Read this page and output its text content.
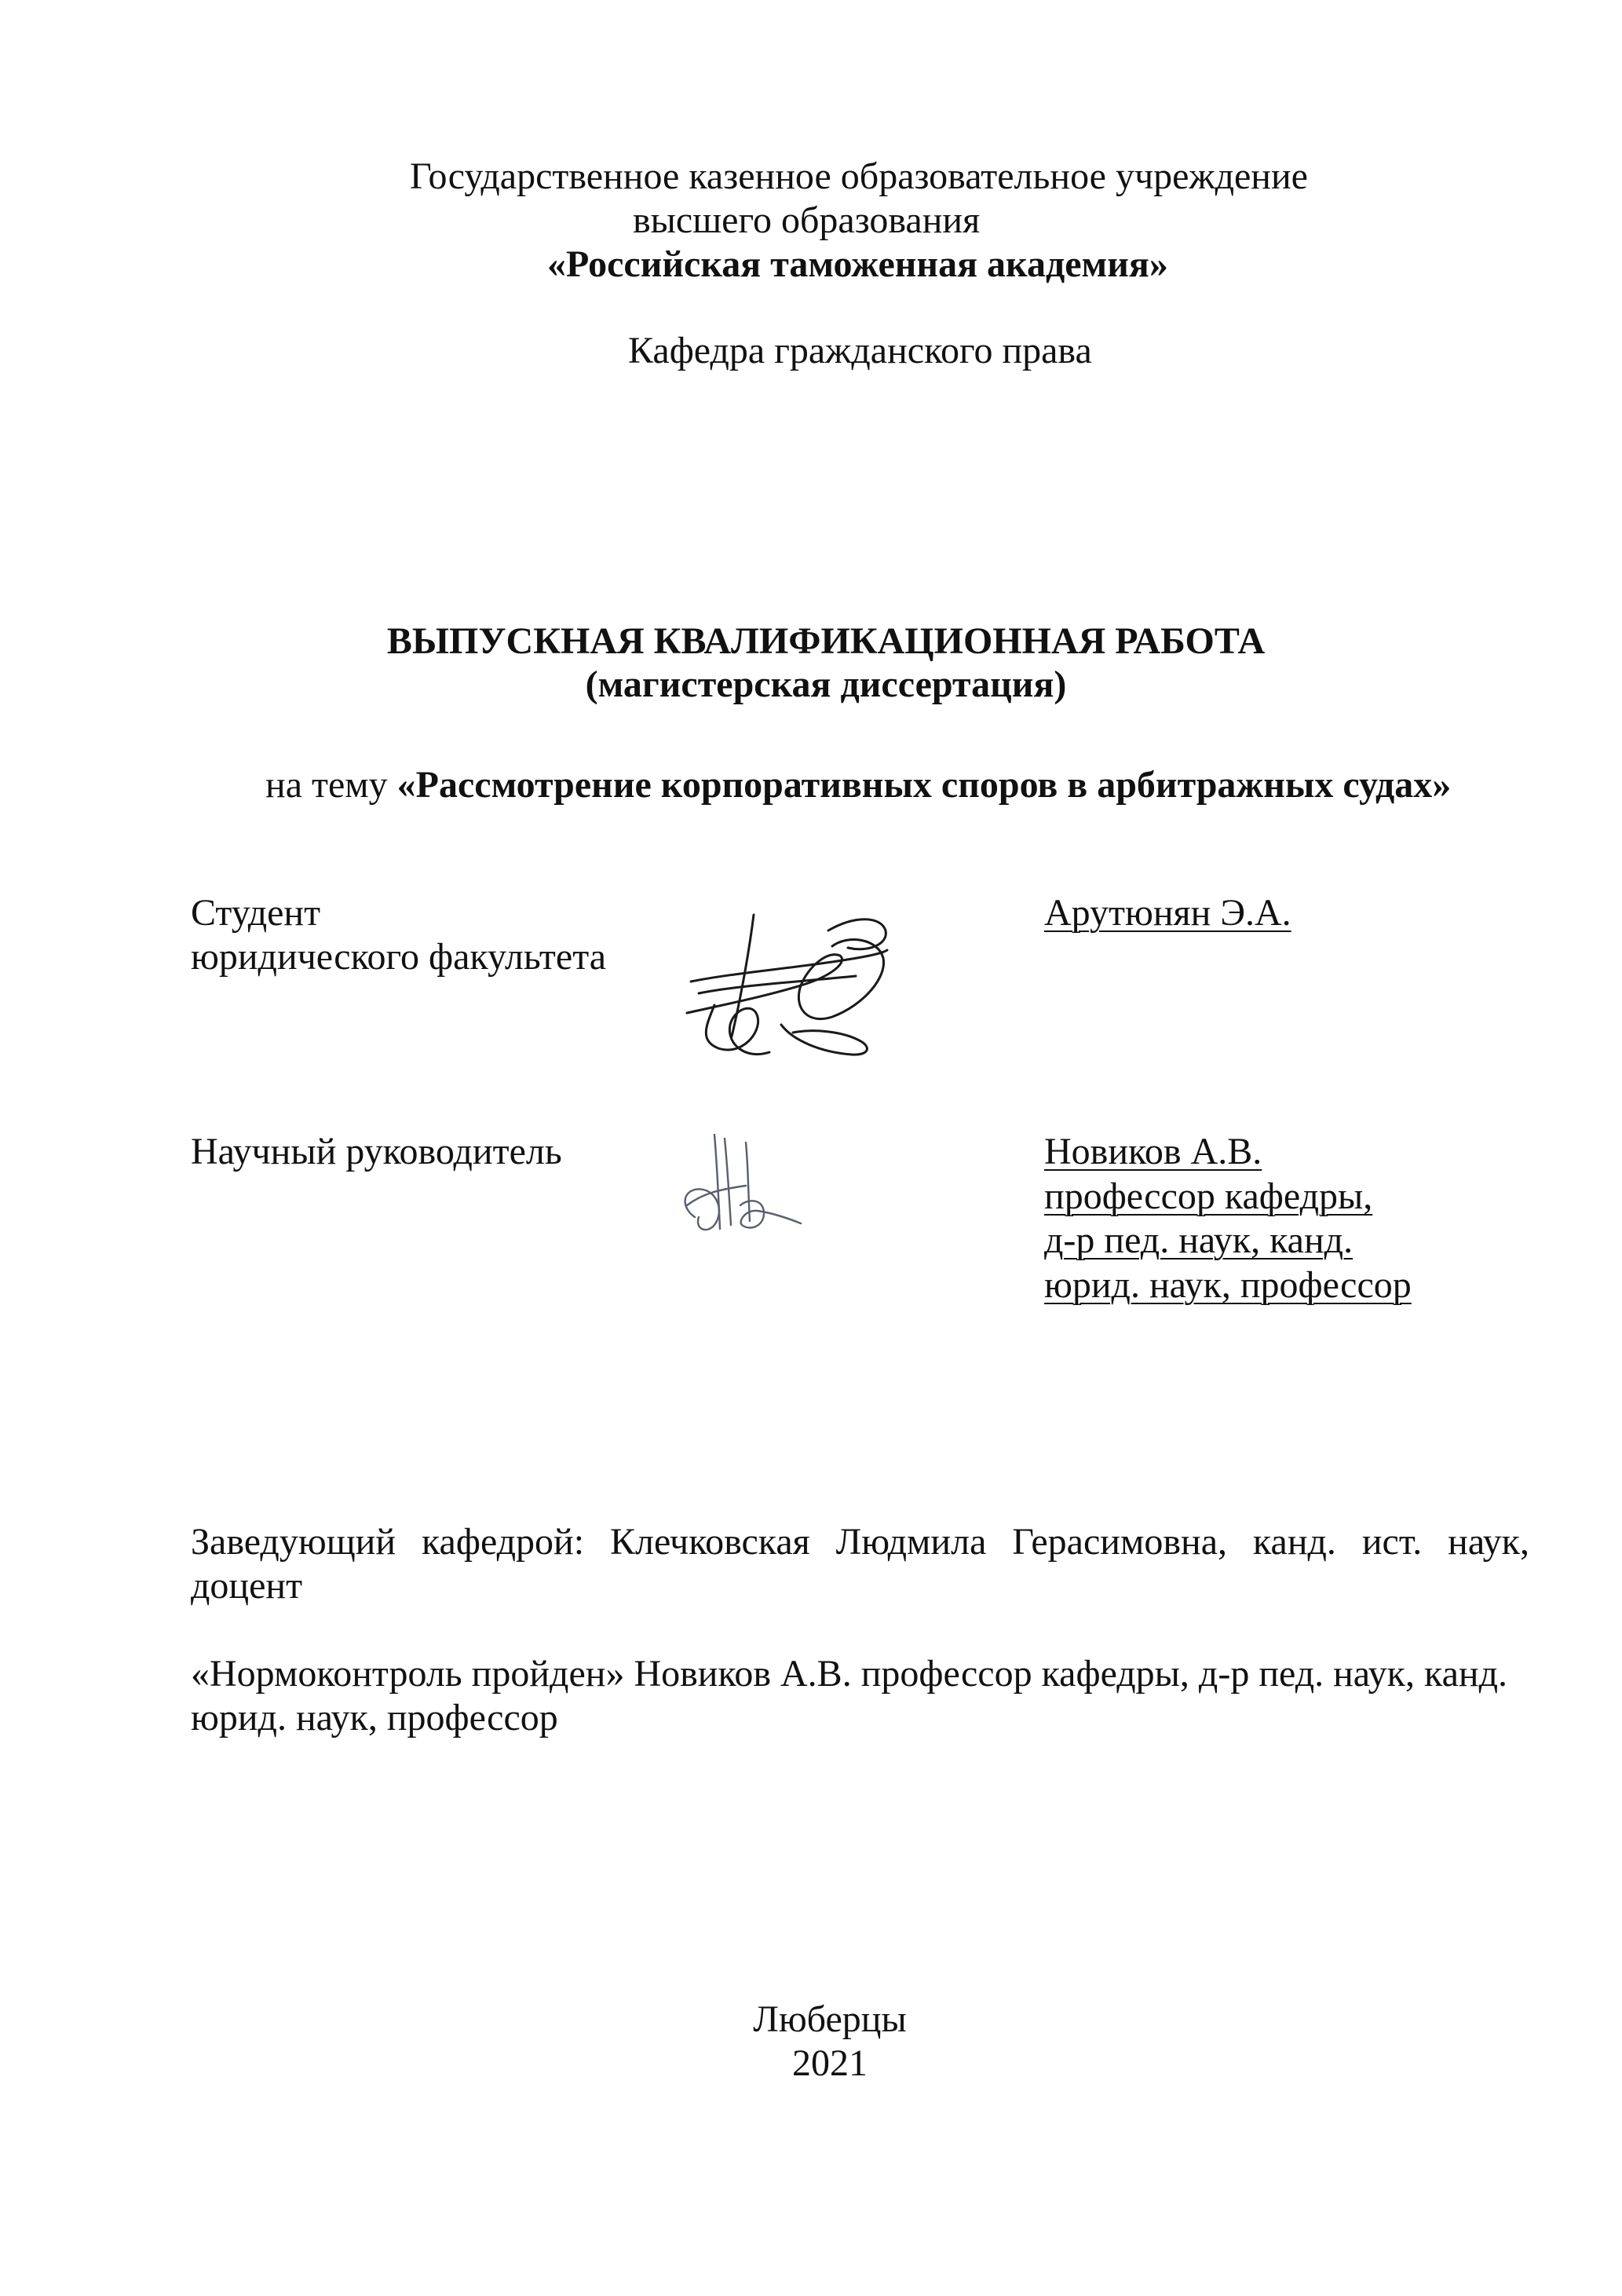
Государственное казенное образовательное учреждение
высшего образования
«Российская таможенная академия»
Кафедра гражданского права
ВЫПУСКНАЯ КВАЛИФИКАЦИОННАЯ РАБОТА
(магистерская диссертация)
на тему «Рассмотрение корпоративных споров в арбитражных судах»
Студент
юридического факультета
Арутюнян Э.А.
Научный руководитель	Новиков А.В.
профессор кафедры,
д-р пед. наук, канд.
юрид. наук, профессор
Заведующий кафедрой: Клечковская Людмила Герасимовна, канд. ист. наук,
доцент
«Нормоконтроль пройден» Новиков А.В. профессор кафедры, д-р пед. наук, канд.
юрид. наук, профессор
Люберцы
2021
